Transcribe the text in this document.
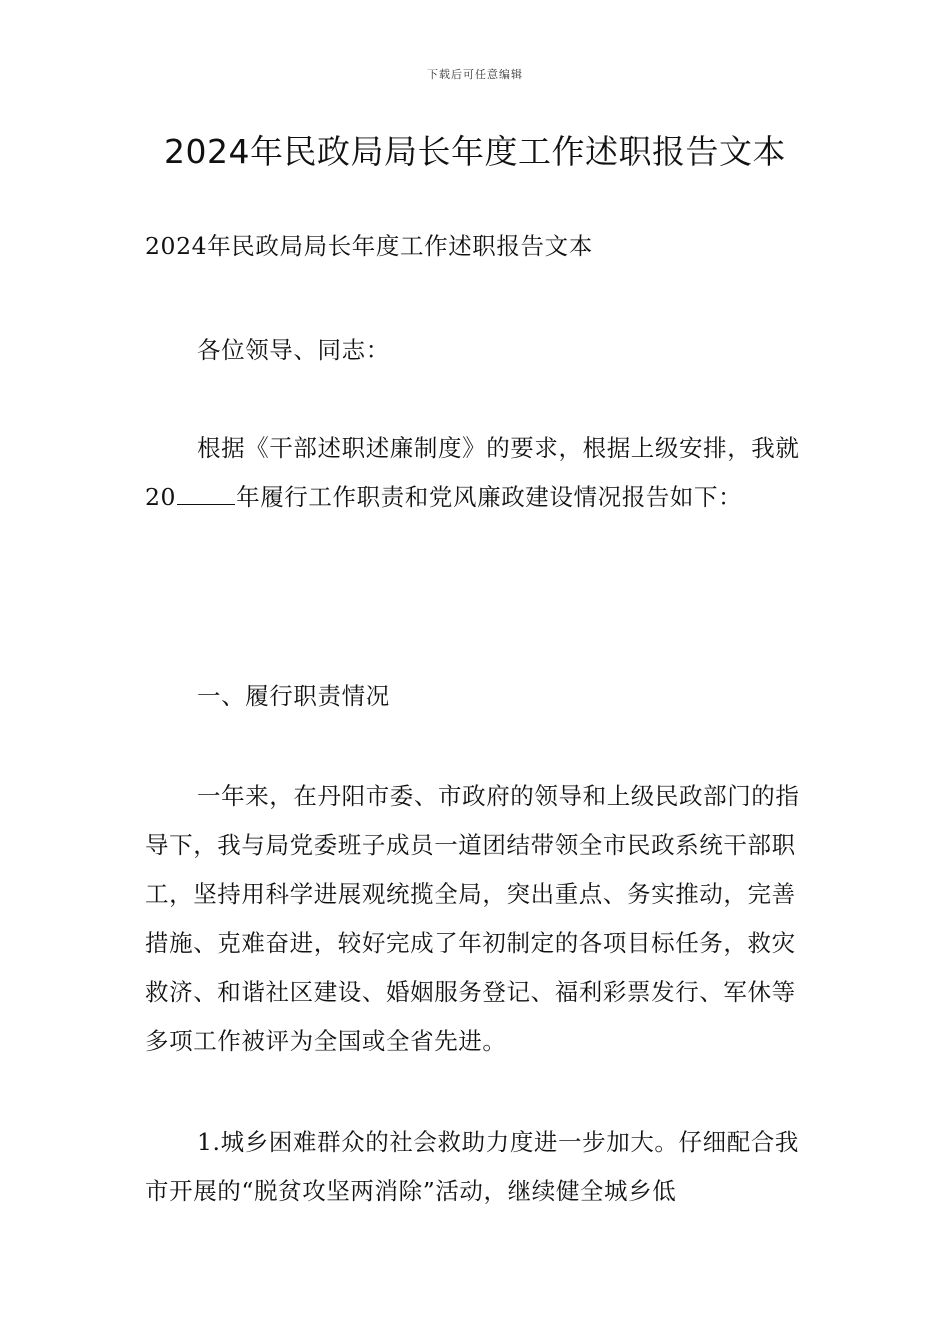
下载后可任意编辑
2024年民政局局长年度工作述职报告文本

2024年民政局局长年度工作述职报告文本

各位领导、同志：

根据《干部述职述廉制度》的要求，根据上级安排，我就20	年履行工作职责和党风廉政建设情况报告如下：

一、履行职责情况

一年来，在丹阳市委、市政府的领导和上级民政部门的指导下，我与局党委班子成员一道团结带领全市民政系统干部职工，坚持用科学进展观统揽全局，突出重点、务实推动，完善措施、克难奋进，较好完成了年初制定的各项目标任务，救灾救济、和谐社区建设、婚姻服务登记、福利彩票发行、军休等多项工作被评为全国或全省先进。

1.城乡困难群众的社会救助力度进一步加大。仔细配合我市开展的“脱贫攻坚两消除”活动，继续健全城乡低
